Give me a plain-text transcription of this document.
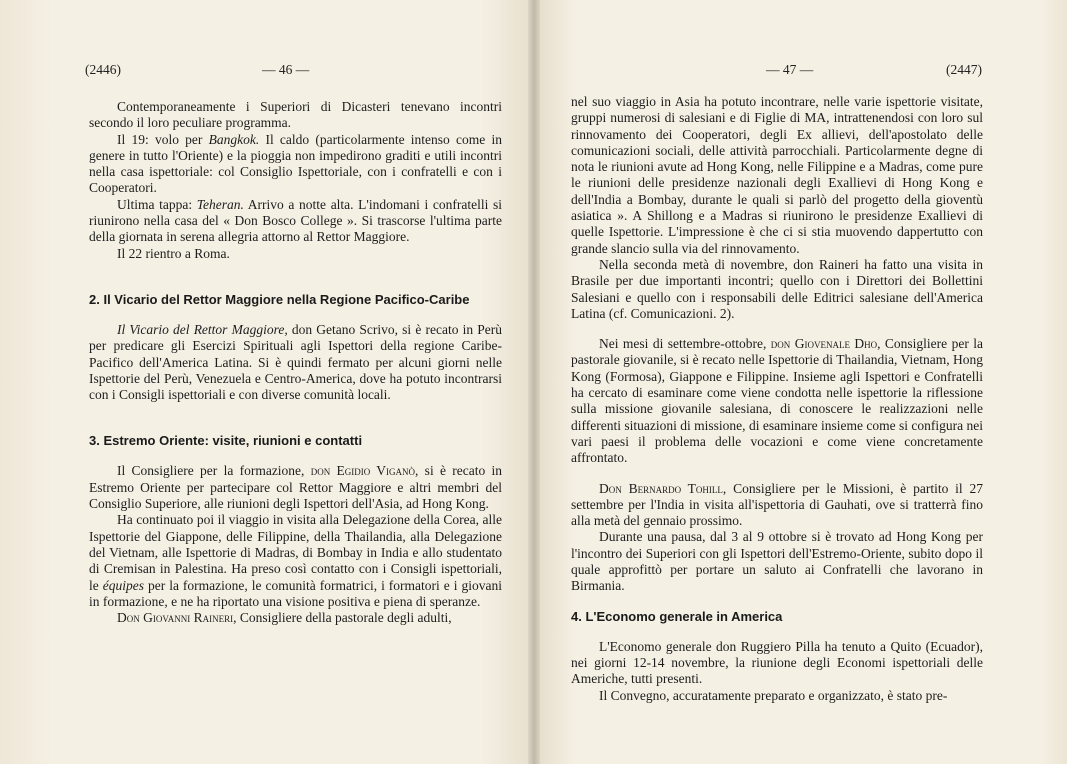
(2446)	— 46 —

Contemporaneamente i Superiori di Dicasteri tenevano incontri secondo il loro peculiare programma.

Il 19: volo per Bangkok. Il caldo (particolarmente intenso come in genere in tutto l'Oriente) e la pioggia non impedirono graditi e utili incontri nella casa ispettoriale: col Consiglio Ispettoriale, con i confratelli e con i Cooperatori.

Ultima tappa: Teheran. Arrivo a notte alta. L'indomani i confratelli si riunirono nella casa del « Don Bosco College ». Si trascorse l'ultima parte della giornata in serena allegria attorno al Rettor Maggiore.

Il 22 rientro a Roma.

2. Il Vicario del Rettor Maggiore nella Regione Pacifico-Caribe

Il Vicario del Rettor Maggiore, don Getano Scrivo, si è recato in Perù per predicare gli Esercizi Spirituali agli Ispettori della regione Caribe-Pacifico dell'America Latina. Si è quindi fermato per alcuni giorni nelle Ispettorie del Perù, Venezuela e Centro-America, dove ha potuto incontrarsi con i Consigli ispettoriali e con diverse comunità locali.

3. Estremo Oriente: visite, riunioni e contatti

Il Consigliere per la formazione, don Egidio Viganò, si è recato in Estremo Oriente per partecipare col Rettor Maggiore e altri membri del Consiglio Superiore, alle riunioni degli Ispettori dell'Asia, ad Hong Kong.

Ha continuato poi il viaggio in visita alla Delegazione della Corea, alle Ispettorie del Giappone, delle Filippine, della Thailandia, alla Delegazione del Vietnam, alle Ispettorie di Madras, di Bombay in India e allo studentato di Cremisan in Palestina. Ha preso così contatto con i Consigli ispettoriali, le équipes per la formazione, le comunità formatrici, i formatori e i giovani in formazione, e ne ha riportato una visione positiva e piena di speranze.

Don Giovanni Raineri, Consigliere della pastorale degli adulti,

— 47 —	(2447)

nel suo viaggio in Asia ha potuto incontrare, nelle varie ispettorie visitate, gruppi numerosi di salesiani e di Figlie di MA, intrattenendosi con loro sul rinnovamento dei Cooperatori, degli Ex allievi, dell'apostolato delle comunicazioni sociali, delle attività parrocchiali. Particolarmente degne di nota le riunioni avute ad Hong Kong, nelle Filippine e a Madras, come pure le riunioni delle presidenze nazionali degli Exallievi di Hong Kong e dell'India a Bombay, durante le quali si parlò del progetto della gioventù asiatica ». A Shillong e a Madras si riunirono le presidenze Exallievi di quelle Ispettorie. L'impressione è che ci si stia muovendo dappertutto con grande slancio sulla via del rinnovamento.

Nella seconda metà di novembre, don Raineri ha fatto una visita in Brasile per due importanti incontri; quello con i Direttori dei Bollettini Salesiani e quello con i responsabili delle Editrici salesiane dell'America Latina (cf. Comunicazioni. 2).

Nei mesi di settembre-ottobre, don Giovenale Dho, Consigliere per la pastorale giovanile, si è recato nelle Ispettorie di Thailandia, Vietnam, Hong Kong (Formosa), Giappone e Filippine. Insieme agli Ispettori e Confratelli ha cercato di esaminare come viene condotta nelle ispettorie la riflessione sulla missione giovanile salesiana, di conoscere le realizzazioni nelle differenti situazioni di missione, di esaminare insieme come si configura nei vari paesi il problema delle vocazioni e come viene concretamente affrontato.

Don Bernardo Tohill, Consigliere per le Missioni, è partito il 27 settembre per l'India in visita all'ispettoria di Gauhati, ove si tratterrà fino alla metà del gennaio prossimo.

Durante una pausa, dal 3 al 9 ottobre si è trovato ad Hong Kong per l'incontro dei Superiori con gli Ispettori dell'Estremo-Oriente, subito dopo il quale approfittò per portare un saluto ai Confratelli che lavorano in Birmania.

4. L'Economo generale in America

L'Economo generale don Ruggiero Pilla ha tenuto a Quito (Ecuador), nei giorni 12-14 novembre, la riunione degli Economi ispettoriali delle Americhe, tutti presenti.

Il Convegno, accuratamente preparato e organizzato, è stato pre-
